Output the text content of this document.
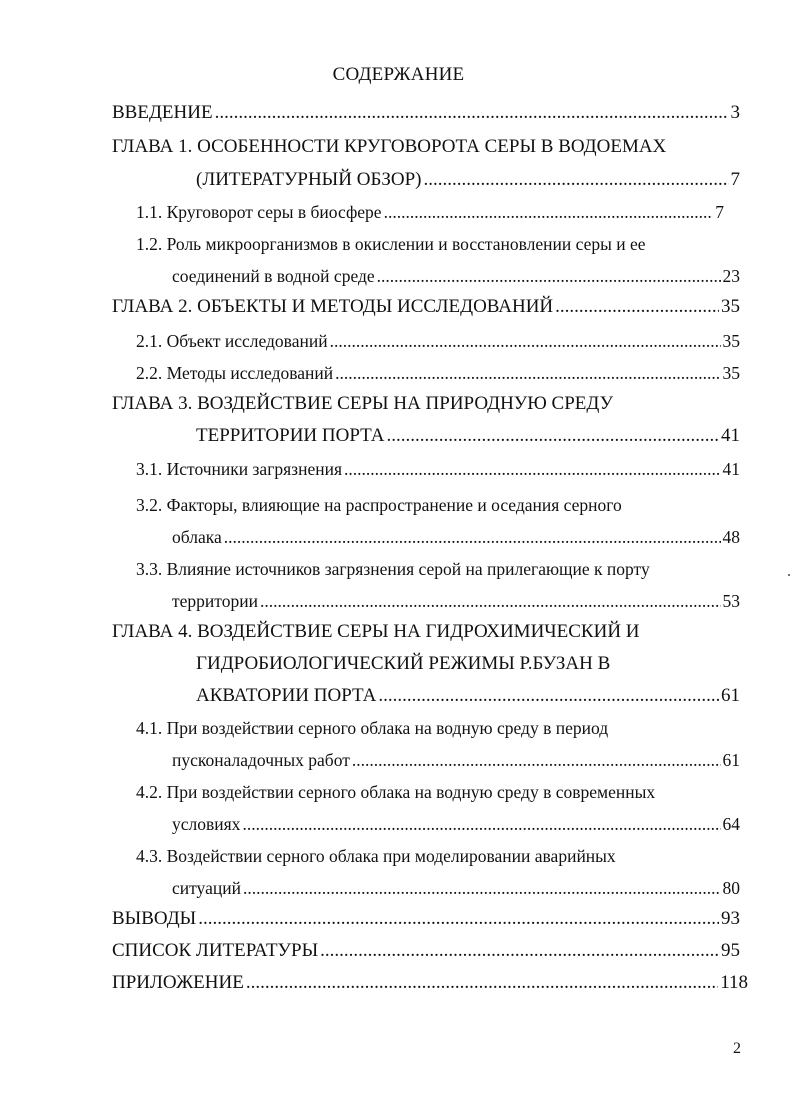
СОДЕРЖАНИЕ
ВВЕДЕНИЕ .....	3
ГЛАВА 1. ОСОБЕННОСТИ КРУГОВОРОТА СЕРЫ В ВОДОЕМАХ
(ЛИТЕРАТУРНЫЙ ОБЗОР) .....	7
1.1. Круговорот серы в биосфере .....	7
1.2. Роль микроорганизмов в окислении и восстановлении серы и ее
соединений в водной среде .....	23
ГЛАВА 2. ОБЪЕКТЫ И МЕТОДЫ ИССЛЕДОВАНИЙ .....	35
2.1. Объект исследований .....	35
2.2. Методы исследований .....	35
ГЛАВА 3. ВОЗДЕЙСТВИЕ СЕРЫ НА ПРИРОДНУЮ СРЕДУ
ТЕРРИТОРИИ ПОРТА .....	41
3.1. Источники загрязнения .....	41
3.2. Факторы, влияющие на распространение и оседания серного
облака .....	48
3.3. Влияние источников загрязнения серой на прилегающие к порту
территории .....	53
ГЛАВА 4. ВОЗДЕЙСТВИЕ СЕРЫ НА ГИДРОХИМИЧЕСКИЙ И
ГИДРОБИОЛОГИЧЕСКИЙ РЕЖИМЫ Р.БУЗАН В
АКВАТОРИИ ПОРТА .....	61
4.1. При воздействии серного облака на водную среду в период
пусконаладочных работ .....	61
4.2. При воздействии серного облака на водную среду в современных
условиях .....	64
4.3. Воздействии серного облака при моделировании аварийных
ситуаций .....	80
ВЫВОДЫ .....	93
СПИСОК ЛИТЕРАТУРЫ .....	95
ПРИЛОЖЕНИЕ .....	118
2
